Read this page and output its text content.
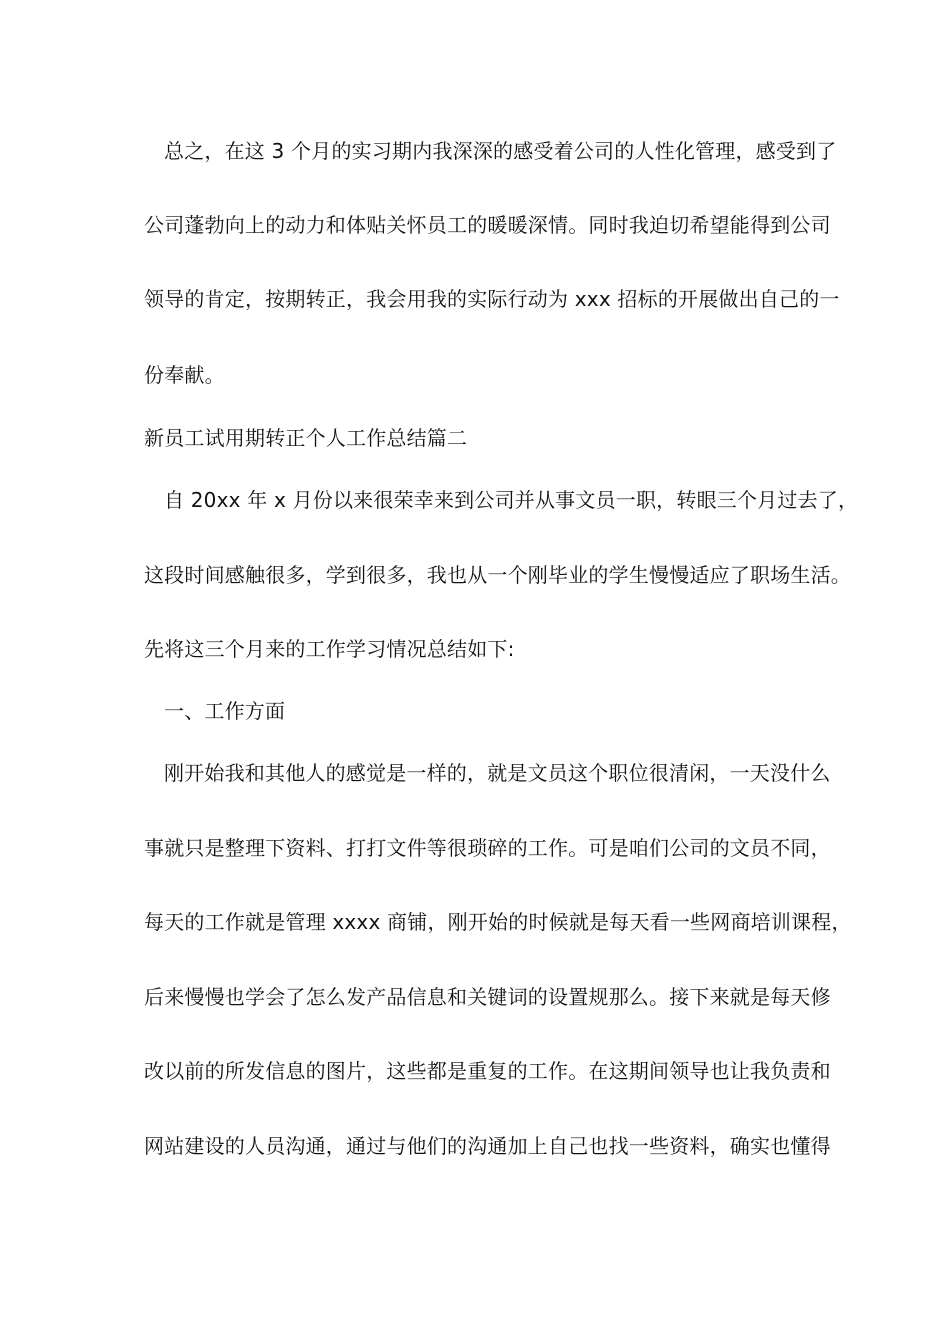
总之，在这 3 个月的实习期内我深深的感受着公司的人性化管理，感受到了
公司蓬勃向上的动力和体贴关怀员工的暖暖深情。同时我迫切希望能得到公司
领导的肯定，按期转正，我会用我的实际行动为 xxx 招标的开展做出自己的一
份奉献。
新员工试用期转正个人工作总结篇二
自 20xx 年 x 月份以来很荣幸来到公司并从事文员一职，转眼三个月过去了，
这段时间感触很多，学到很多，我也从一个刚毕业的学生慢慢适应了职场生活。
先将这三个月来的工作学习情况总结如下:
一、工作方面
刚开始我和其他人的感觉是一样的，就是文员这个职位很清闲，一天没什么
事就只是整理下资料、打打文件等很琐碎的工作。可是咱们公司的文员不同，
每天的工作就是管理 xxxx 商铺，刚开始的时候就是每天看一些网商培训课程，
后来慢慢也学会了怎么发产品信息和关键词的设置规那么。接下来就是每天修
改以前的所发信息的图片，这些都是重复的工作。在这期间领导也让我负责和
网站建设的人员沟通，通过与他们的沟通加上自己也找一些资料，确实也懂得
